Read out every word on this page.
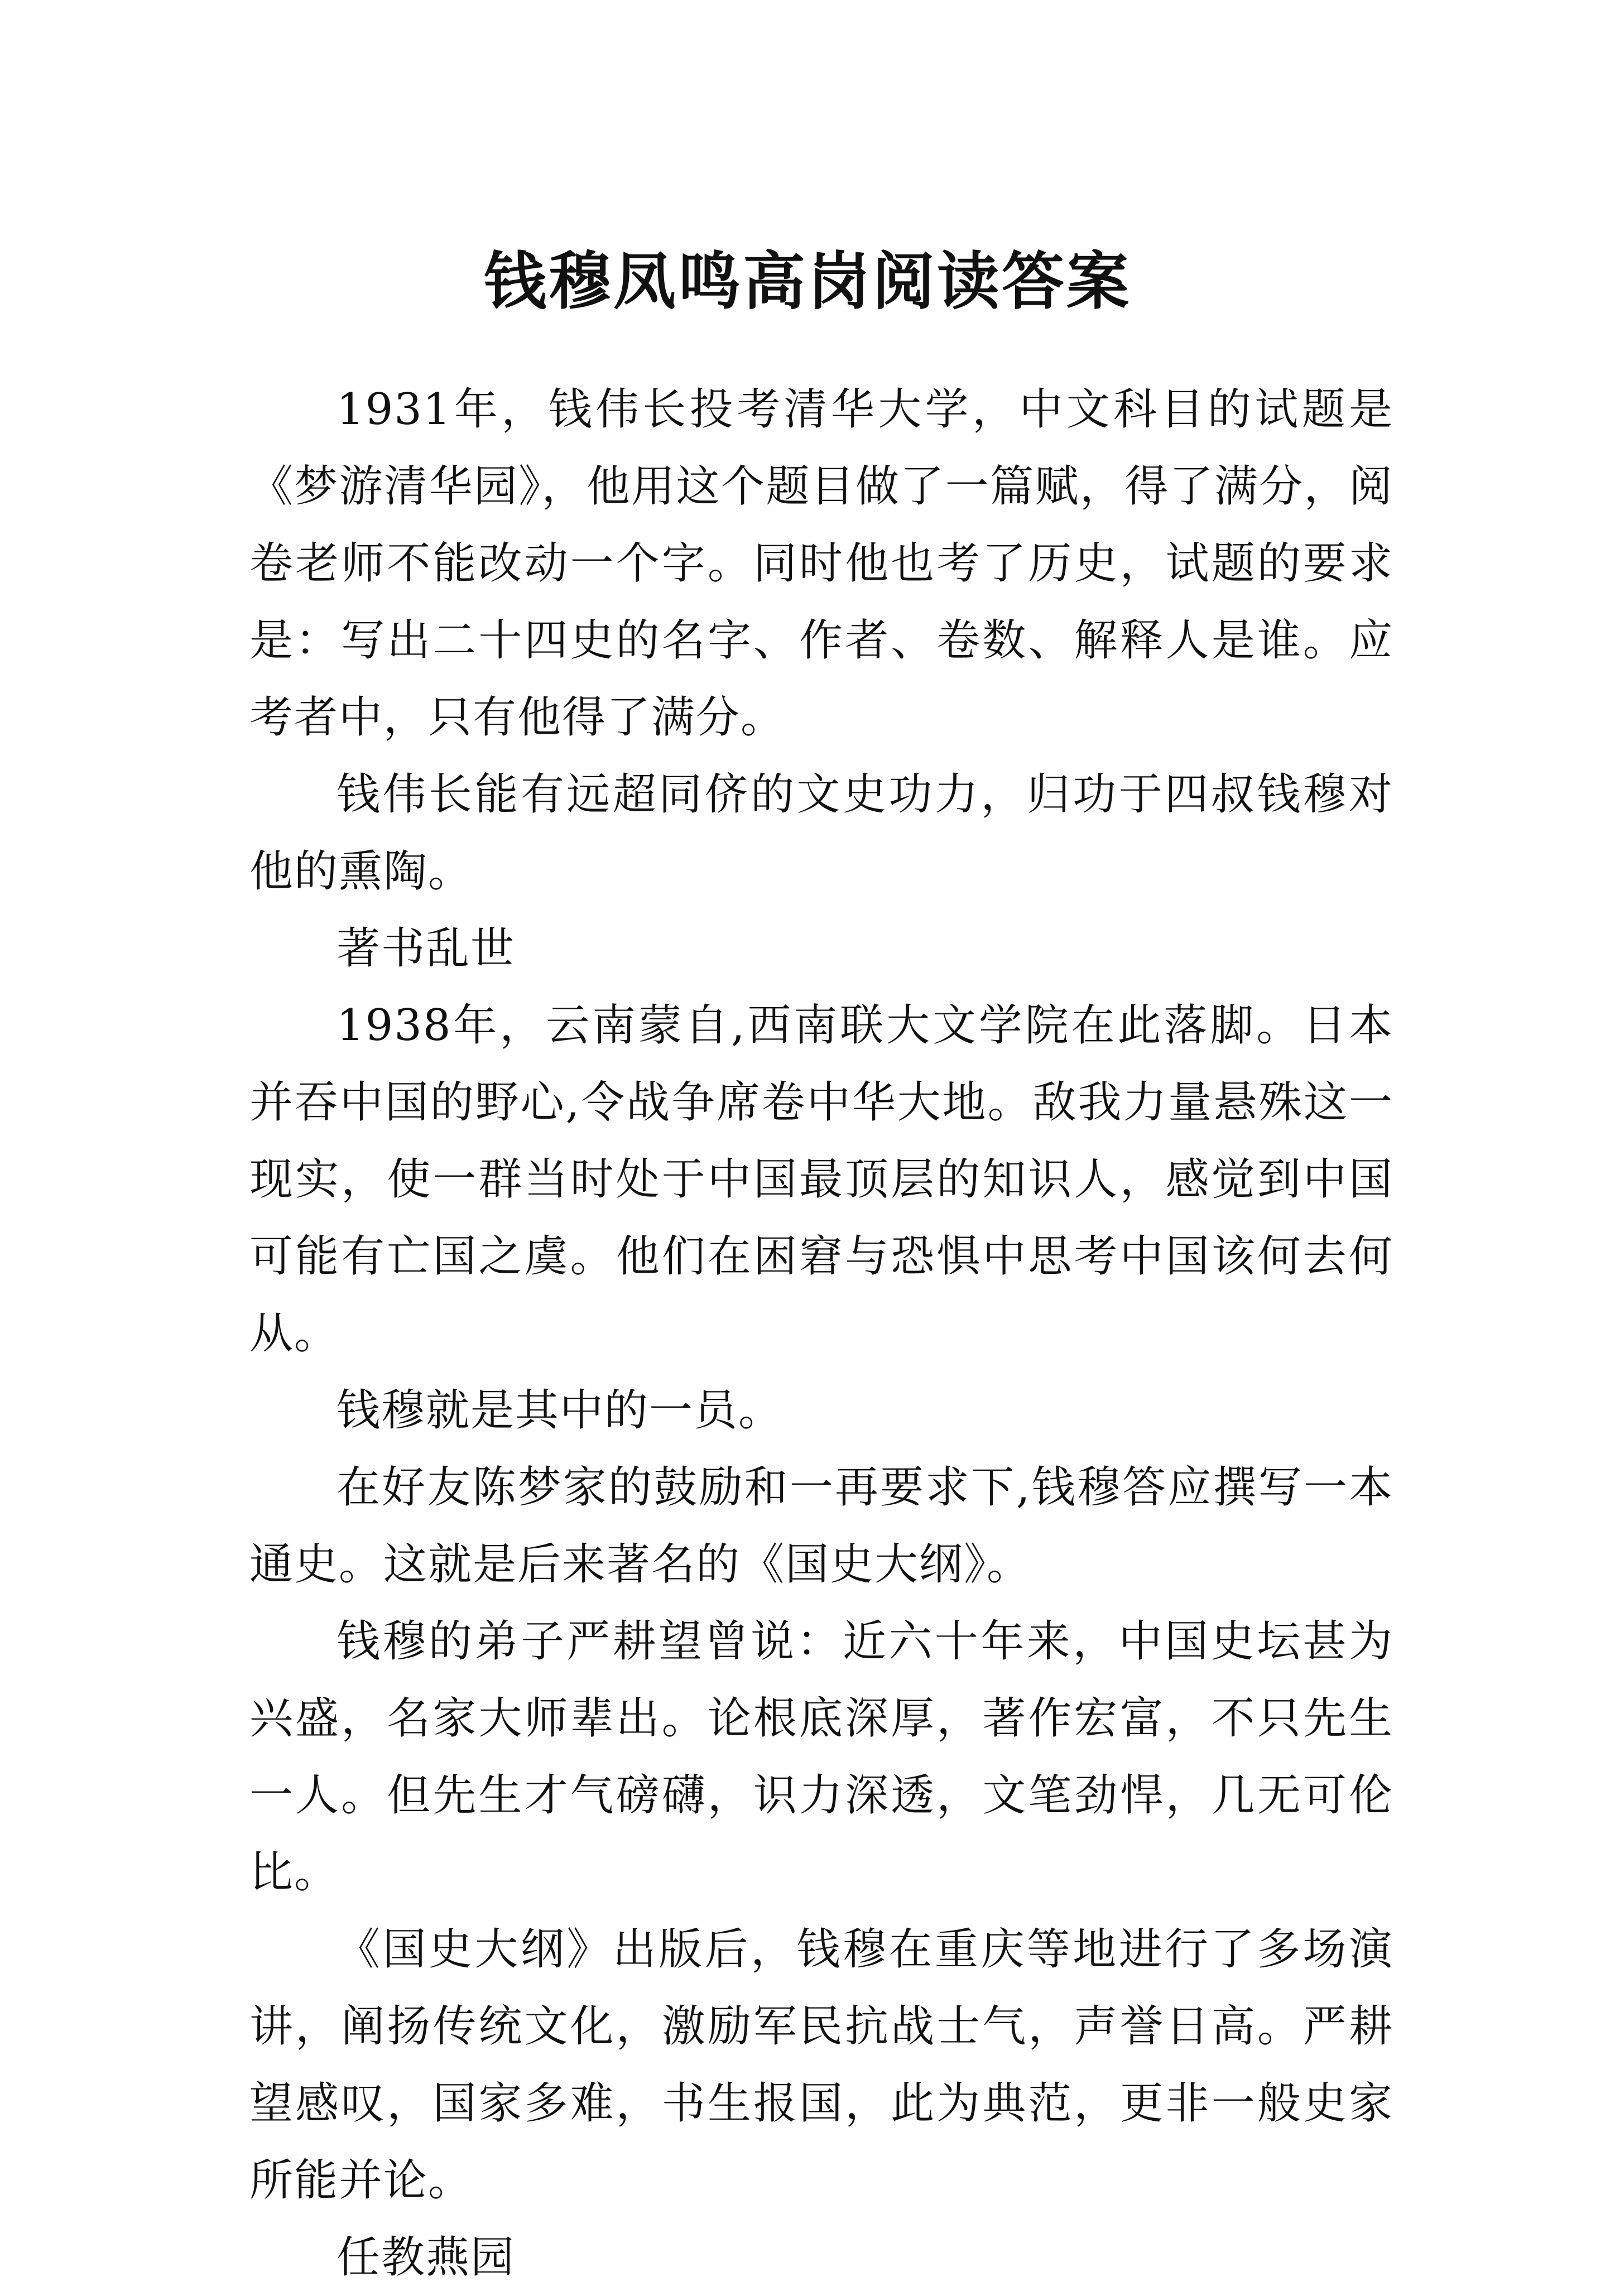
钱穆凤鸣高岗阅读答案

1931年，钱伟长投考清华大学，中文科目的试题是《梦游清华园》，他用这个题目做了一篇赋，得了满分，阅卷老师不能改动一个字。同时他也考了历史，试题的要求是：写出二十四史的名字、作者、卷数、解释人是谁。应考者中，只有他得了满分。

钱伟长能有远超同侪的文史功力，归功于四叔钱穆对他的熏陶。

著书乱世

1938年，云南蒙自,西南联大文学院在此落脚。日本并吞中国的野心,令战争席卷中华大地。敌我力量悬殊这一现实，使一群当时处于中国最顶层的知识人，感觉到中国可能有亡国之虞。他们在困窘与恐惧中思考中国该何去何从。

钱穆就是其中的一员。

在好友陈梦家的鼓励和一再要求下,钱穆答应撰写一本通史。这就是后来著名的《国史大纲》。

钱穆的弟子严耕望曾说：近六十年来，中国史坛甚为兴盛，名家大师辈出。论根底深厚，著作宏富，不只先生一人。但先生才气磅礴，识力深透，文笔劲悍，几无可伦比。

《国史大纲》出版后，钱穆在重庆等地进行了多场演讲，阐扬传统文化，激励军民抗战士气，声誉日高。严耕望感叹，国家多难，书生报国，此为典范，更非一般史家所能并论。

任教燕园
